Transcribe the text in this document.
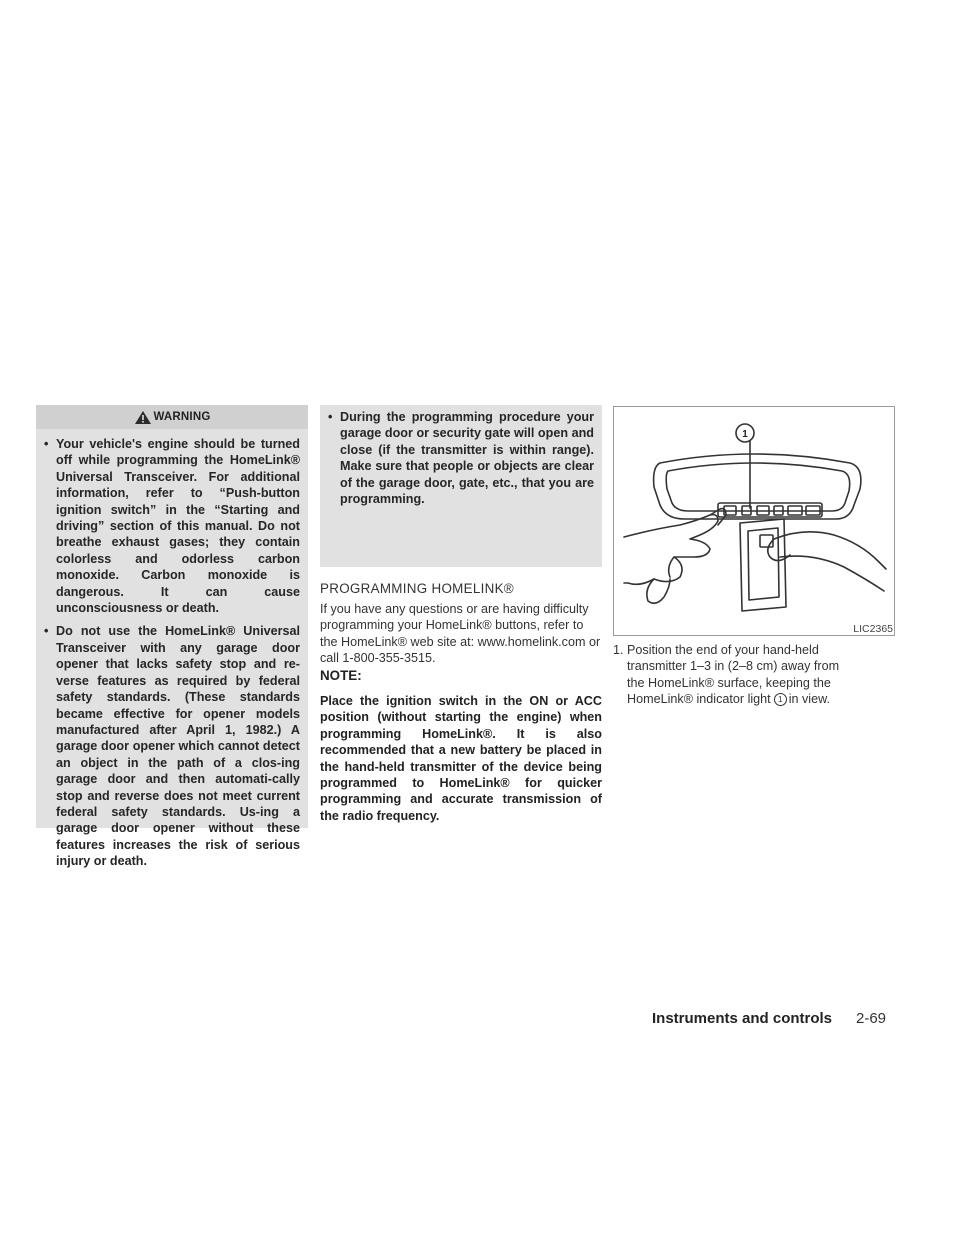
WARNING
• Your vehicle's engine should be turned off while programming the HomeLink® Universal Transceiver. For additional information, refer to “Push-button ignition switch” in the “Starting and driving” section of this manual. Do not breathe exhaust gases; they contain colorless and odorless carbon monoxide. Carbon monoxide is dangerous. It can cause unconsciousness or death.
• Do not use the HomeLink® Universal Transceiver with any garage door opener that lacks safety stop and re-verse features as required by federal safety standards. (These standards became effective for opener models manufactured after April 1, 1982.) A garage door opener which cannot detect an object in the path of a clos-ing garage door and then automati-cally stop and reverse does not meet current federal safety standards. Us-ing a garage door opener without these features increases the risk of serious injury or death.
• During the programming procedure your garage door or security gate will open and close (if the transmitter is within range). Make sure that people or objects are clear of the garage door, gate, etc., that you are programming.
PROGRAMMING HOMELINK®

If you have any questions or are having difficulty programming your HomeLink® buttons, refer to the HomeLink® web site at: www.homelink.com or call 1-800-355-3515.

NOTE:

Place the ignition switch in the ON or ACC position (without starting the engine) when programming HomeLink®. It is also recommended that a new battery be placed in the hand-held transmitter of the device being programmed to HomeLink® for quicker programming and accurate transmission of the radio frequency.

1
LIC2365

1. Position the end of your hand-held
transmitter 1–3 in (2–8 cm) away from
the HomeLink® surface, keeping the
HomeLink® indicator light 1 in view.

Instruments and controls 2-69
